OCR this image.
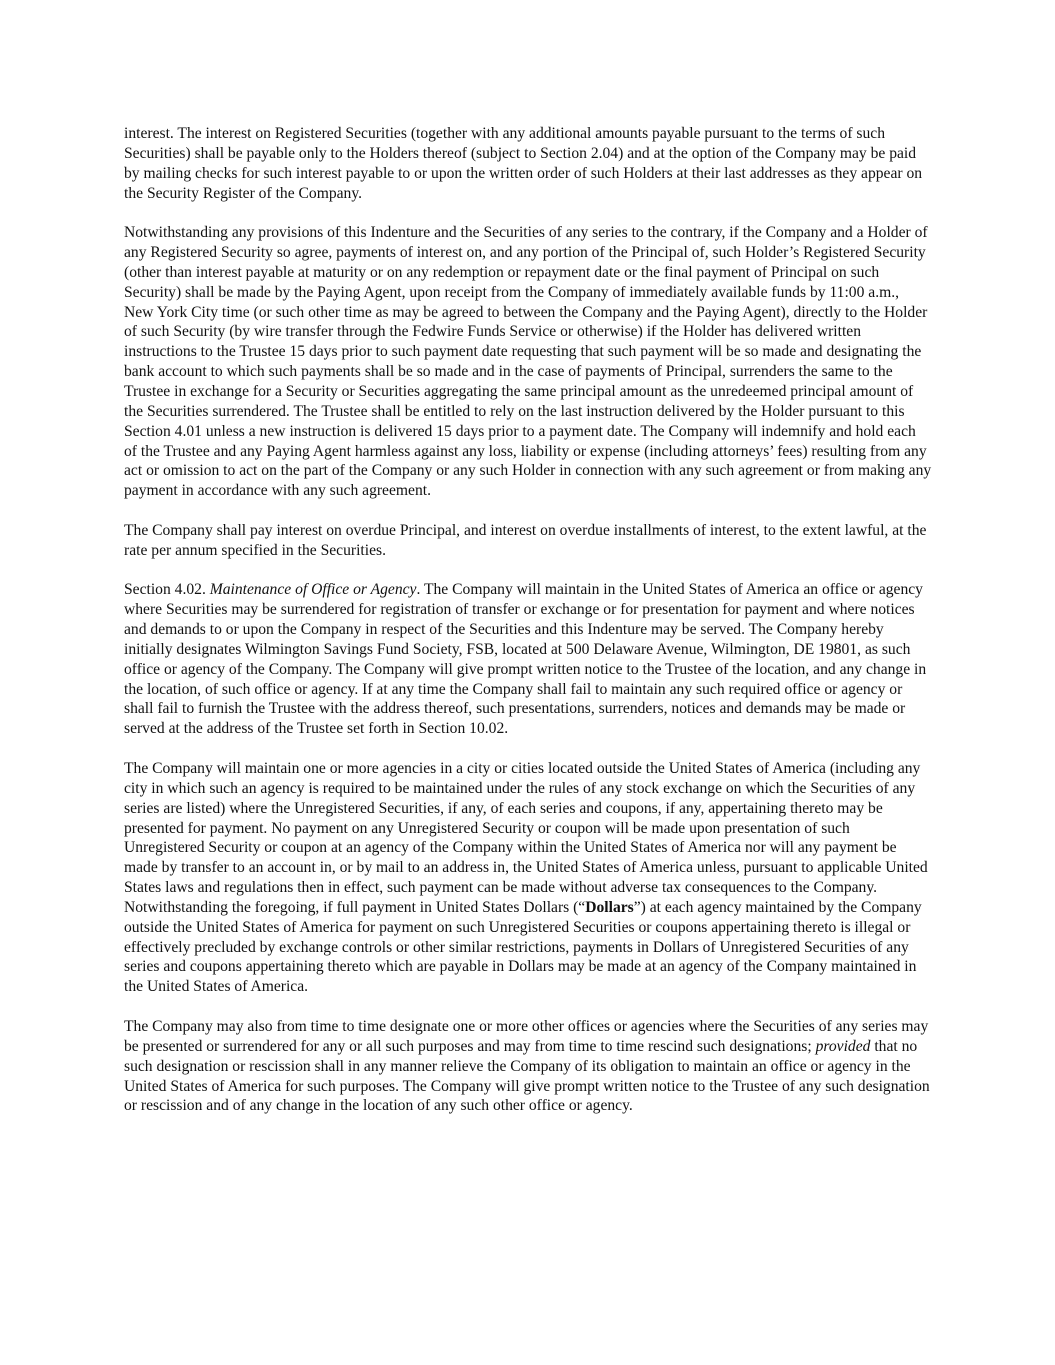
interest. The interest on Registered Securities (together with any additional amounts payable pursuant to the terms of such Securities) shall be payable only to the Holders thereof (subject to Section 2.04) and at the option of the Company may be paid by mailing checks for such interest payable to or upon the written order of such Holders at their last addresses as they appear on the Security Register of the Company.

Notwithstanding any provisions of this Indenture and the Securities of any series to the contrary, if the Company and a Holder of any Registered Security so agree, payments of interest on, and any portion of the Principal of, such Holder’s Registered Security (other than interest payable at maturity or on any redemption or repayment date or the final payment of Principal on such Security) shall be made by the Paying Agent, upon receipt from the Company of immediately available funds by 11:00 a.m., New York City time (or such other time as may be agreed to between the Company and the Paying Agent), directly to the Holder of such Security (by wire transfer through the Fedwire Funds Service or otherwise) if the Holder has delivered written instructions to the Trustee 15 days prior to such payment date requesting that such payment will be so made and designating the bank account to which such payments shall be so made and in the case of payments of Principal, surrenders the same to the Trustee in exchange for a Security or Securities aggregating the same principal amount as the unredeemed principal amount of the Securities surrendered. The Trustee shall be entitled to rely on the last instruction delivered by the Holder pursuant to this Section 4.01 unless a new instruction is delivered 15 days prior to a payment date. The Company will indemnify and hold each of the Trustee and any Paying Agent harmless against any loss, liability or expense (including attorneys’ fees) resulting from any act or omission to act on the part of the Company or any such Holder in connection with any such agreement or from making any payment in accordance with any such agreement.

The Company shall pay interest on overdue Principal, and interest on overdue installments of interest, to the extent lawful, at the rate per annum specified in the Securities.

Section 4.02. Maintenance of Office or Agency. The Company will maintain in the United States of America an office or agency where Securities may be surrendered for registration of transfer or exchange or for presentation for payment and where notices and demands to or upon the Company in respect of the Securities and this Indenture may be served. The Company hereby initially designates Wilmington Savings Fund Society, FSB, located at 500 Delaware Avenue, Wilmington, DE 19801, as such office or agency of the Company. The Company will give prompt written notice to the Trustee of the location, and any change in the location, of such office or agency. If at any time the Company shall fail to maintain any such required office or agency or shall fail to furnish the Trustee with the address thereof, such presentations, surrenders, notices and demands may be made or served at the address of the Trustee set forth in Section 10.02.

The Company will maintain one or more agencies in a city or cities located outside the United States of America (including any city in which such an agency is required to be maintained under the rules of any stock exchange on which the Securities of any series are listed) where the Unregistered Securities, if any, of each series and coupons, if any, appertaining thereto may be presented for payment. No payment on any Unregistered Security or coupon will be made upon presentation of such Unregistered Security or coupon at an agency of the Company within the United States of America nor will any payment be made by transfer to an account in, or by mail to an address in, the United States of America unless, pursuant to applicable United States laws and regulations then in effect, such payment can be made without adverse tax consequences to the Company. Notwithstanding the foregoing, if full payment in United States Dollars (“Dollars”) at each agency maintained by the Company outside the United States of America for payment on such Unregistered Securities or coupons appertaining thereto is illegal or effectively precluded by exchange controls or other similar restrictions, payments in Dollars of Unregistered Securities of any series and coupons appertaining thereto which are payable in Dollars may be made at an agency of the Company maintained in the United States of America.

The Company may also from time to time designate one or more other offices or agencies where the Securities of any series may be presented or surrendered for any or all such purposes and may from time to time rescind such designations; provided that no such designation or rescission shall in any manner relieve the Company of its obligation to maintain an office or agency in the United States of America for such purposes. The Company will give prompt written notice to the Trustee of any such designation or rescission and of any change in the location of any such other office or agency.
